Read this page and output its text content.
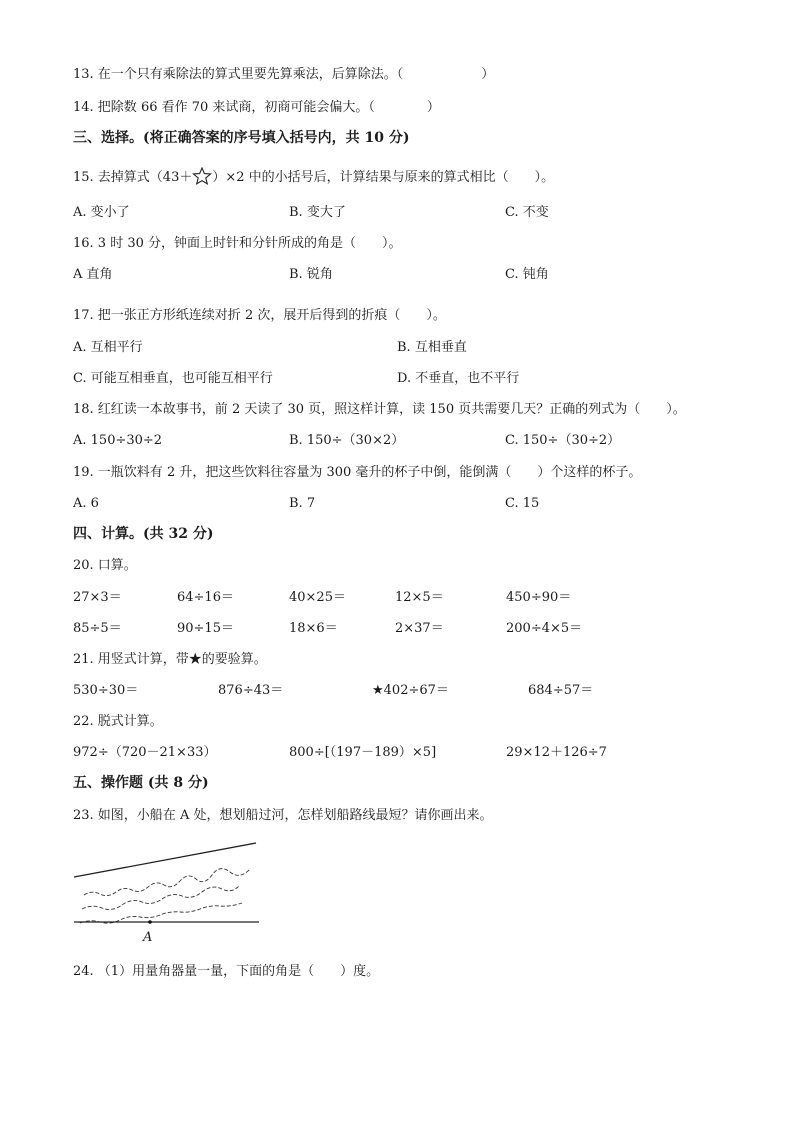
13. 在一个只有乘除法的算式里要先算乘法，后算除法。（　　　　　　）
14. 把除数 66 看作 70 来试商，初商可能会偏大。（　　　　）
三、选择。(将正确答案的序号填入括号内，共 10 分)
15. 去掉算式（43＋ ）×2 中的小括号后，计算结果与原来的算式相比（　　）。
A. 变小了	B. 变大了	C. 不变
16. 3 时 30 分，钟面上时针和分针所成的角是（　　）。
A 直角	B. 锐角	C. 钝角
17. 把一张正方形纸连续对折 2 次，展开后得到的折痕（　　）。
A. 互相平行	B. 互相垂直
C. 可能互相垂直，也可能互相平行	D. 不垂直，也不平行
18. 红红读一本故事书，前 2 天读了 30 页，照这样计算，读 150 页共需要几天？正确的列式为（　　）。
A. 150÷30÷2	B. 150÷（30×2）	C. 150÷（30÷2）
19. 一瓶饮料有 2 升，把这些饮料往容量为 300 毫升的杯子中倒，能倒满（　　）个这样的杯子。
A. 6	B. 7	C. 15
四、计算。(共 32 分)
20. 口算。
27×3＝	64÷16＝	40×25＝	12×5＝	450÷90＝
85÷5＝	90÷15＝	18×6＝	2×37＝	200÷4×5＝
21. 用竖式计算，带★的要验算。
530÷30＝	876÷43＝	★402÷67＝	684÷57＝
22. 脱式计算。
972÷（720－21×33）	800÷[（197－189）×5]	29×12＋126÷7
五、操作题 (共 8 分)
23. 如图，小船在 A 处，想划船过河，怎样划船路线最短？请你画出来。
A
24. （1）用量角器量一量，下面的角是（　　）度。
